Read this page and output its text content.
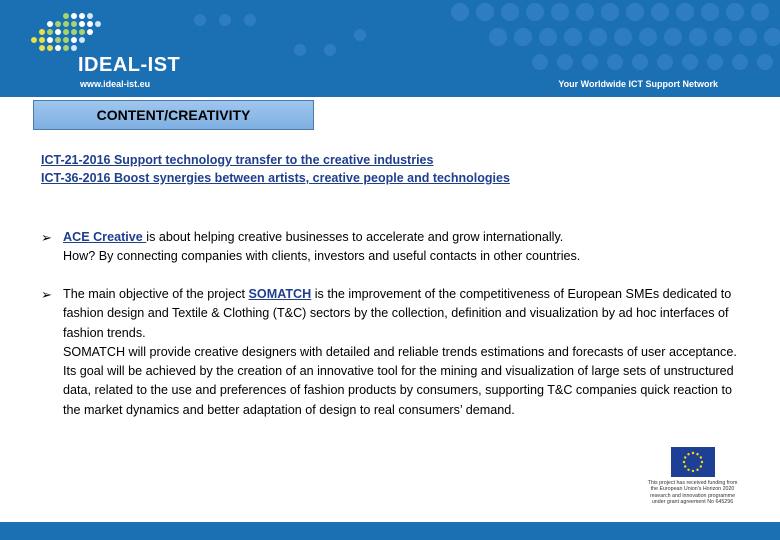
IDEAL-IST
www.ideal-ist.eu	Your Worldwide ICT Support Network
CONTENT/CREATIVITY
ICT-21-2016 Support technology transfer to the creative industries
ICT-36-2016 Boost synergies between artists, creative people and technologies
➢ ACE Creative is about helping creative businesses to accelerate and grow internationally.
How? By connecting companies with clients, investors and useful contacts in other countries.
➢ The main objective of the project SOMATCH is the improvement of the competitiveness of European SMEs dedicated to fashion design and Textile & Clothing (T&C) sectors by the collection, definition and visualization by ad hoc interfaces of fashion trends.
SOMATCH will provide creative designers with detailed and reliable trends estimations and forecasts of user acceptance. Its goal will be achieved by the creation of an innovative tool for the mining and visualization of large sets of unstructured data, related to the use and preferences of fashion products by consumers, supporting T&C companies quick reaction to the market dynamics and better adaptation of design to real consumers’ demand.
This project has received funding from
the European Union's Horizon 2020
research and innovation programme
under grant agreement No 645296
